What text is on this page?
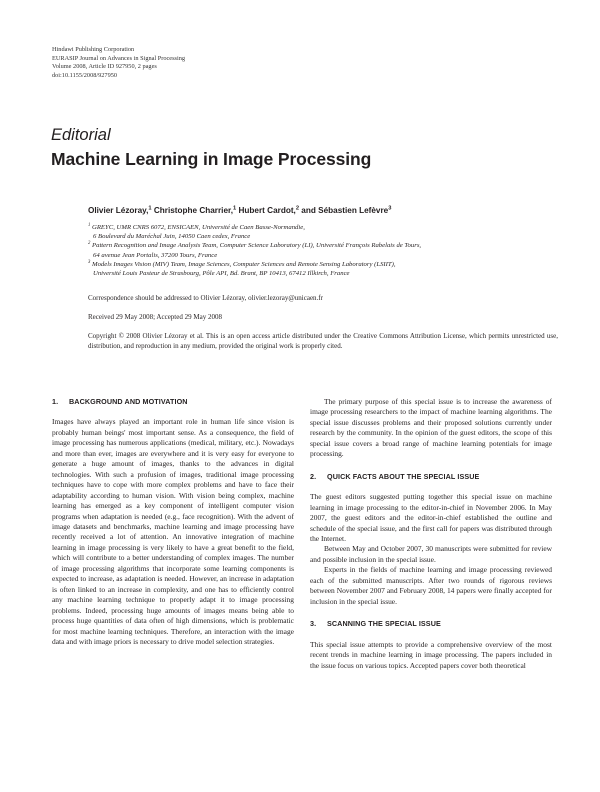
Hindawi Publishing Corporation
EURASIP Journal on Advances in Signal Processing
Volume 2008, Article ID 927950, 2 pages
doi:10.1155/2008/927950
Editorial
Machine Learning in Image Processing
Olivier Lézoray,$^1$ Christophe Charrier,$^1$ Hubert Cardot,$^2$ and Sébastien Lefèvre$^3$
$^1$ GREYC, UMR CNRS 6072, ENSICAEN, Université de Caen Basse-Normandie,
6 Boulevard du Maréchal Juin, 14050 Caen cedex, France
$^2$ Pattern Recognition and Image Analysis Team, Computer Science Laboratory (LI), Université François Rabelais de Tours,
64 avenue Jean Portalis, 37200 Tours, France
$^3$ Models Images Vision (MIV) Team, Image Sciences, Computer Sciences and Remote Sensing Laboratory (LSIIT),
Université Louis Pasteur de Strasbourg, Pôle API, Bd. Brant, BP 10413, 67412 Illkirch, France
Correspondence should be addressed to Olivier Lézoray, olivier.lezoray@unicaen.fr
Received 29 May 2008; Accepted 29 May 2008
Copyright © 2008 Olivier Lézoray et al. This is an open access article distributed under the Creative Commons Attribution License, which permits unrestricted use, distribution, and reproduction in any medium, provided the original work is properly cited.
1. BACKGROUND AND MOTIVATION

Images have always played an important role in human life since vision is probably human beings' most important sense. As a consequence, the field of image processing has numerous applications (medical, military, etc.). Nowadays and more than ever, images are everywhere and it is very easy for everyone to generate a huge amount of images, thanks to the advances in digital technologies. With such a profusion of images, traditional image processing techniques have to cope with more complex problems and have to face their adaptability according to human vision. With vision being complex, machine learning has emerged as a key component of intelligent computer vision programs when adaptation is needed (e.g., face recognition). With the advent of image datasets and benchmarks, machine learning and image processing have recently received a lot of attention. An innovative integration of machine learning in image processing is very likely to have a great benefit to the field, which will contribute to a better understanding of complex images. The number of image processing algorithms that incorporate some learning components is expected to increase, as adaptation is needed. However, an increase in adaptation is often linked to an increase in complexity, and one has to efficiently control any machine learning technique to properly adapt it to image processing problems. Indeed, processing huge amounts of images means being able to process huge quantities of data often of high dimensions, which is problematic for most machine learning techniques. Therefore, an interaction with the image data and with image priors is necessary to drive model selection strategies.

The primary purpose of this special issue is to increase the awareness of image processing researchers to the impact of machine learning algorithms. The special issue discusses problems and their proposed solutions currently under research by the community. In the opinion of the guest editors, the scope of this special issue covers a broad range of machine learning potentials for image processing.

2. QUICK FACTS ABOUT THE SPECIAL ISSUE

The guest editors suggested putting together this special issue on machine learning in image processing to the editor-in-chief in November 2006. In May 2007, the guest editors and the editor-in-chief established the outline and schedule of the special issue, and the first call for papers was distributed through the Internet.

Between May and October 2007, 30 manuscripts were submitted for review and possible inclusion in the special issue.

Experts in the fields of machine learning and image processing reviewed each of the submitted manuscripts. After two rounds of rigorous reviews between November 2007 and February 2008, 14 papers were finally accepted for inclusion in the special issue.

3. SCANNING THE SPECIAL ISSUE

This special issue attempts to provide a comprehensive overview of the most recent trends in machine learning in image processing. The papers included in the issue focus on various topics. Accepted papers cover both theoretical
